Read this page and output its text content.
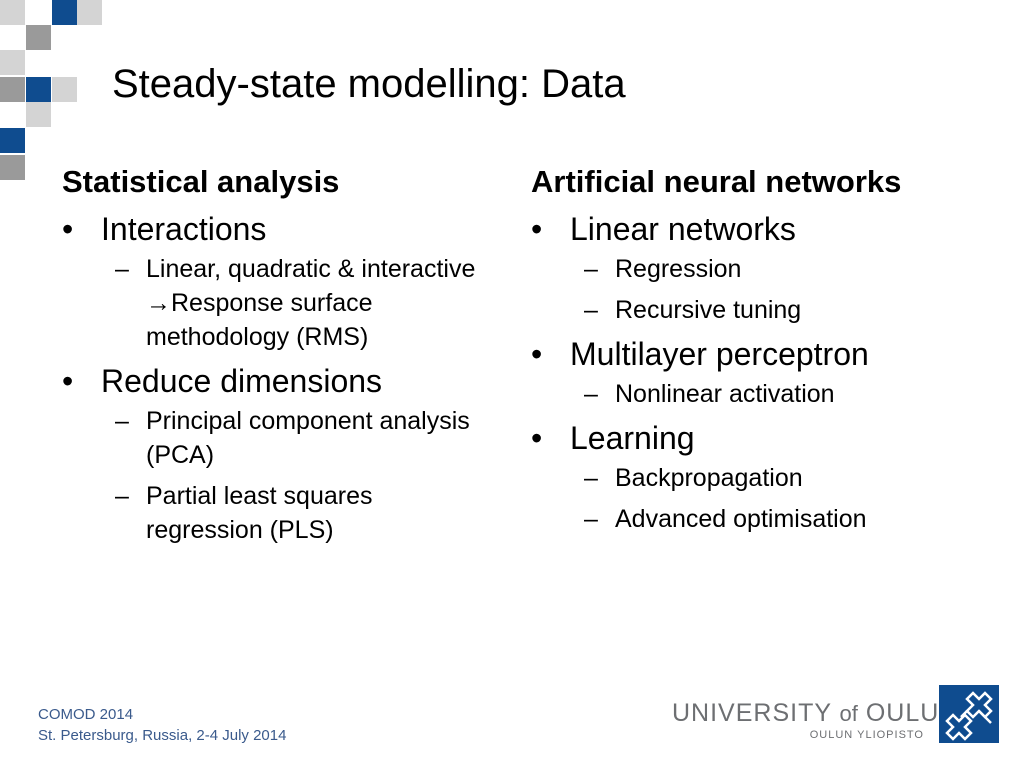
Steady-state modelling: Data
Statistical analysis
• Interactions
– Linear, quadratic & interactive →Response surface methodology (RMS)
• Reduce dimensions
– Principal component analysis (PCA)
– Partial least squares regression (PLS)
Artificial neural networks
• Linear networks
– Regression
– Recursive tuning
• Multilayer perceptron
– Nonlinear activation
• Learning
– Backpropagation
– Advanced optimisation
COMOD 2014
St. Petersburg, Russia, 2-4 July 2014
UNIVERSITY of OULU
OULUN YLIOPISTO
